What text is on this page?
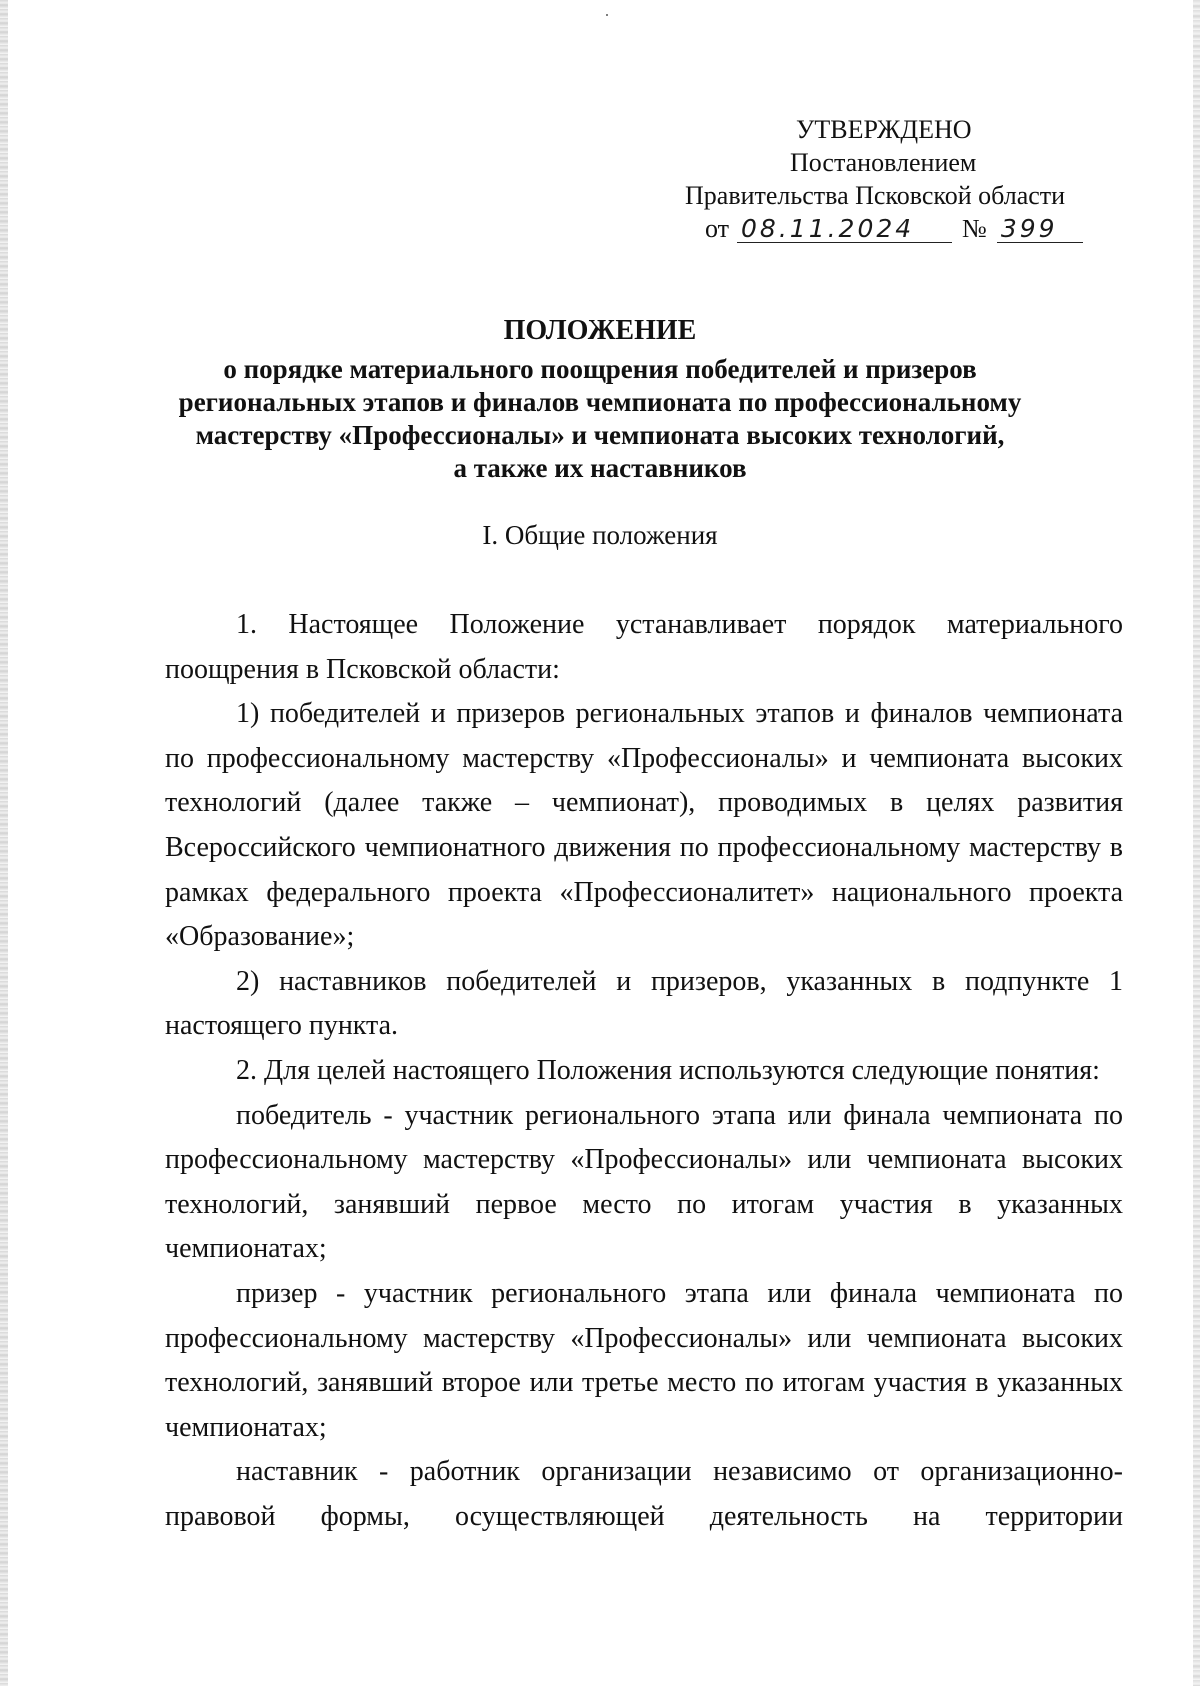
УТВЕРЖДЕНО
Постановлением
Правительства Псковской области
от 08.11.2024 № 399
ПОЛОЖЕНИЕ
о порядке материального поощрения победителей и призеров
региональных этапов и финалов чемпионата по профессиональному
мастерству «Профессионалы» и чемпионата высоких технологий,
а также их наставников
I. Общие положения

1. Настоящее Положение устанавливает порядок материального поощрения в Псковской области:

1) победителей и призеров региональных этапов и финалов чемпионата по профессиональному мастерству «Профессионалы» и чемпионата высоких технологий (далее также – чемпионат), проводимых в целях развития Всероссийского чемпионатного движения по профессиональному мастерству в рамках федерального проекта «Профессионалитет» национального проекта «Образование»;

2) наставников победителей и призеров, указанных в подпункте 1 настоящего пункта.

2. Для целей настоящего Положения используются следующие понятия:

победитель - участник регионального этапа или финала чемпионата по профессиональному мастерству «Профессионалы» или чемпионата высоких технологий, занявший первое место по итогам участия в указанных чемпионатах;

призер - участник регионального этапа или финала чемпионата по профессиональному мастерству «Профессионалы» или чемпионата высоких технологий, занявший второе или третье место по итогам участия в указанных чемпионатах;

наставник - работник организации независимо от организационно-правовой формы, осуществляющей деятельность на территории
